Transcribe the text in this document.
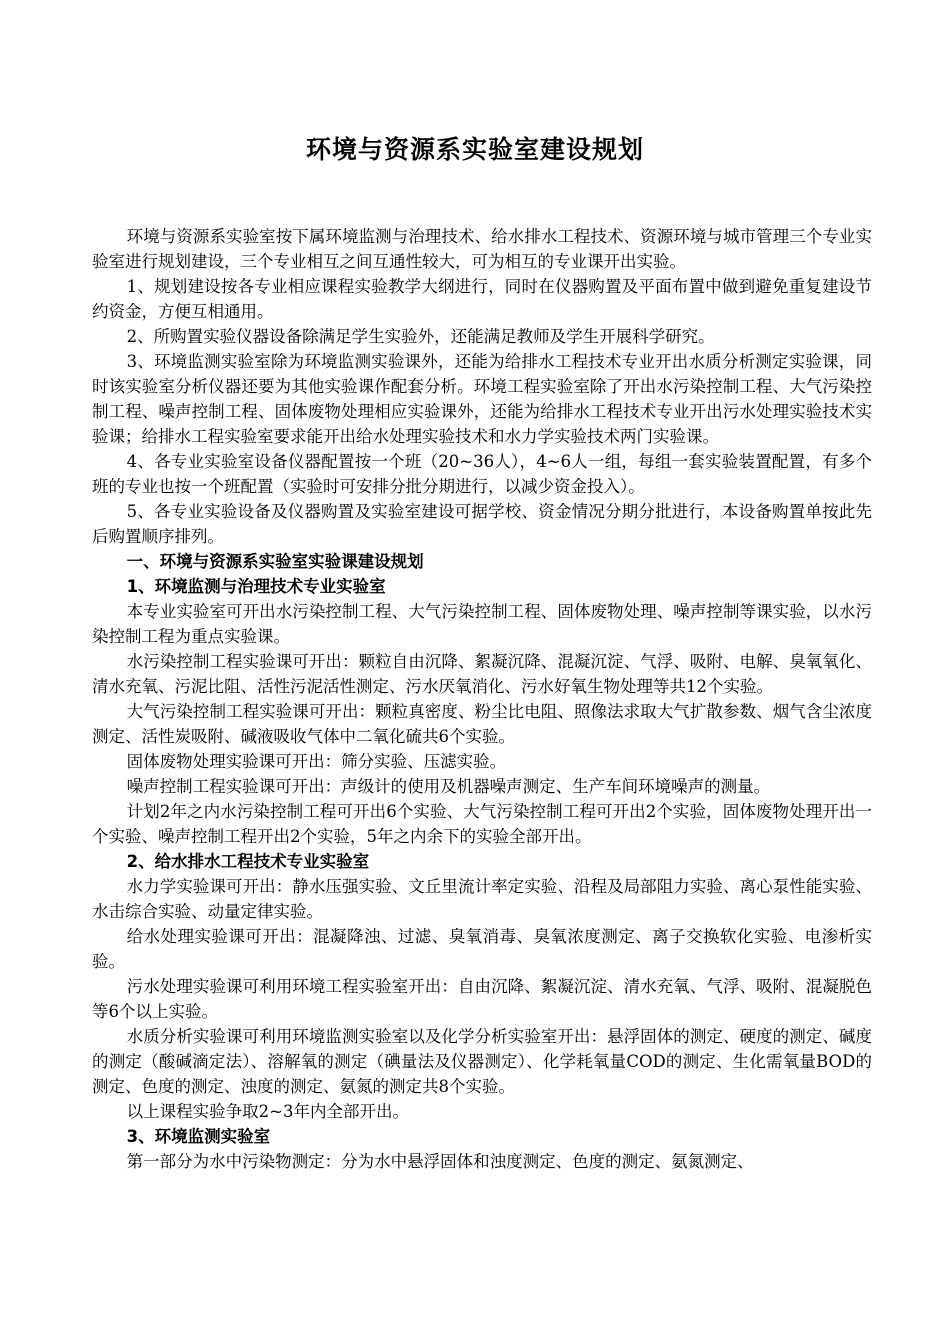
环境与资源系实验室建设规划
环境与资源系实验室按下属环境监测与治理技术、给水排水工程技术、资源环境与城市管理三个专业实验室进行规划建设，三个专业相互之间互通性较大，可为相互的专业课开出实验。
1、规划建设按各专业相应课程实验教学大纲进行，同时在仪器购置及平面布置中做到避免重复建设节约资金，方便互相通用。
2、所购置实验仪器设备除满足学生实验外，还能满足教师及学生开展科学研究。
3、环境监测实验室除为环境监测实验课外，还能为给排水工程技术专业开出水质分析测定实验课，同时该实验室分析仪器还要为其他实验课作配套分析。环境工程实验室除了开出水污染控制工程、大气污染控制工程、噪声控制工程、固体废物处理相应实验课外，还能为给排水工程技术专业开出污水处理实验技术实验课；给排水工程实验室要求能开出给水处理实验技术和水力学实验技术两门实验课。
4、各专业实验室设备仪器配置按一个班（20~36人），4~6人一组，每组一套实验装置配置，有多个班的专业也按一个班配置（实验时可安排分批分期进行，以减少资金投入）。
5、各专业实验设备及仪器购置及实验室建设可据学校、资金情况分期分批进行，本设备购置单按此先后购置顺序排列。
一、环境与资源系实验室实验课建设规划
1、环境监测与治理技术专业实验室
本专业实验室可开出水污染控制工程、大气污染控制工程、固体废物处理、噪声控制等课实验，以水污染控制工程为重点实验课。
水污染控制工程实验课可开出：颗粒自由沉降、絮凝沉降、混凝沉淀、气浮、吸附、电解、臭氧氧化、清水充氧、污泥比阻、活性污泥活性测定、污水厌氧消化、污水好氧生物处理等共12个实验。
大气污染控制工程实验课可开出：颗粒真密度、粉尘比电阻、照像法求取大气扩散参数、烟气含尘浓度测定、活性炭吸附、碱液吸收气体中二氧化硫共6个实验。
固体废物处理实验课可开出：筛分实验、压滤实验。
噪声控制工程实验课可开出：声级计的使用及机器噪声测定、生产车间环境噪声的测量。
计划2年之内水污染控制工程可开出6个实验、大气污染控制工程可开出2个实验，固体废物处理开出一个实验、噪声控制工程开出2个实验，5年之内余下的实验全部开出。
2、给水排水工程技术专业实验室
水力学实验课可开出：静水压强实验、文丘里流计率定实验、沿程及局部阻力实验、离心泵性能实验、水击综合实验、动量定律实验。
给水处理实验课可开出：混凝降浊、过滤、臭氧消毒、臭氧浓度测定、离子交换软化实验、电渗析实验。
污水处理实验课可利用环境工程实验室开出：自由沉降、絮凝沉淀、清水充氧、气浮、吸附、混凝脱色等6个以上实验。
水质分析实验课可利用环境监测实验室以及化学分析实验室开出：悬浮固体的测定、硬度的测定、碱度的测定（酸碱滴定法）、溶解氧的测定（碘量法及仪器测定）、化学耗氧量COD的测定、生化需氧量BOD的测定、色度的测定、浊度的测定、氨氮的测定共8个实验。
以上课程实验争取2~3年内全部开出。
3、环境监测实验室
第一部分为水中污染物测定：分为水中悬浮固体和浊度测定、色度的测定、氨氮测定、
